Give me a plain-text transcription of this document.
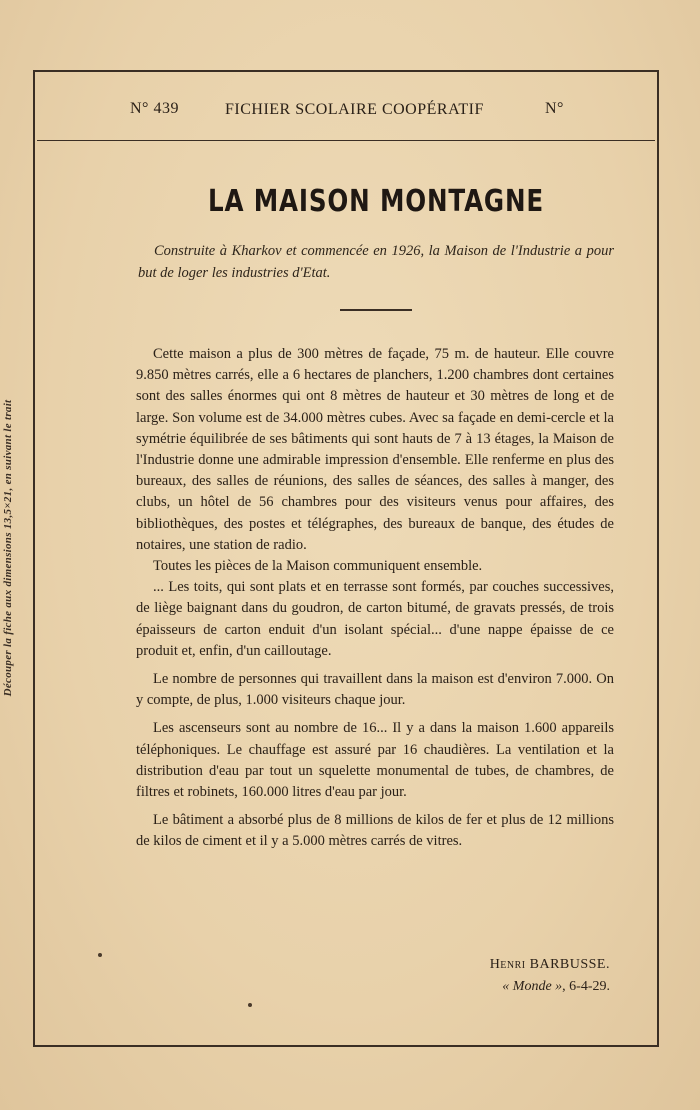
Découper la fiche aux dimensions 13,5×21, en suivant le trait
N° 439	FICHIER SCOLAIRE COOPÉRATIF	N°
LA MAISON MONTAGNE
Construite à Kharkov et commencée en 1926, la Maison de l'Industrie a pour but de loger les industries d'Etat.

Cette maison a plus de 300 mètres de façade, 75 m. de hauteur. Elle couvre 9.850 mètres carrés, elle a 6 hectares de planchers, 1.200 chambres dont certaines sont des salles énormes qui ont 8 mètres de hauteur et 30 mètres de long et de large. Son volume est de 34.000 mètres cubes. Avec sa façade en demi-cercle et la symétrie équilibrée de ses bâtiments qui sont hauts de 7 à 13 étages, la Maison de l'Industrie donne une admirable impression d'ensemble. Elle renferme en plus des bureaux, des salles de réunions, des salles de séances, des salles à manger, des clubs, un hôtel de 56 chambres pour des visiteurs venus pour affaires, des bibliothèques, des postes et télégraphes, des bureaux de banque, des études de notaires, une station de radio.

Toutes les pièces de la Maison communiquent ensemble.

... Les toits, qui sont plats et en terrasse sont formés, par couches successives, de liège baignant dans du goudron, de carton bitumé, de gravats pressés, de trois épaisseurs de carton enduit d'un isolant spécial... d'une nappe épaisse de ce produit et, enfin, d'un cailloutage.

Le nombre de personnes qui travaillent dans la maison est d'environ 7.000. On y compte, de plus, 1.000 visiteurs chaque jour.

Les ascenseurs sont au nombre de 16... Il y a dans la maison 1.600 appareils téléphoniques. Le chauffage est assuré par 16 chaudières. La ventilation et la distribution d'eau par tout un squelette monumental de tubes, de chambres, de filtres et robinets, 160.000 litres d'eau par jour.

Le bâtiment a absorbé plus de 8 millions de kilos de fer et plus de 12 millions de kilos de ciment et il y a 5.000 mètres carrés de vitres.

Henri BARBUSSE.
« Monde », 6-4-29.
